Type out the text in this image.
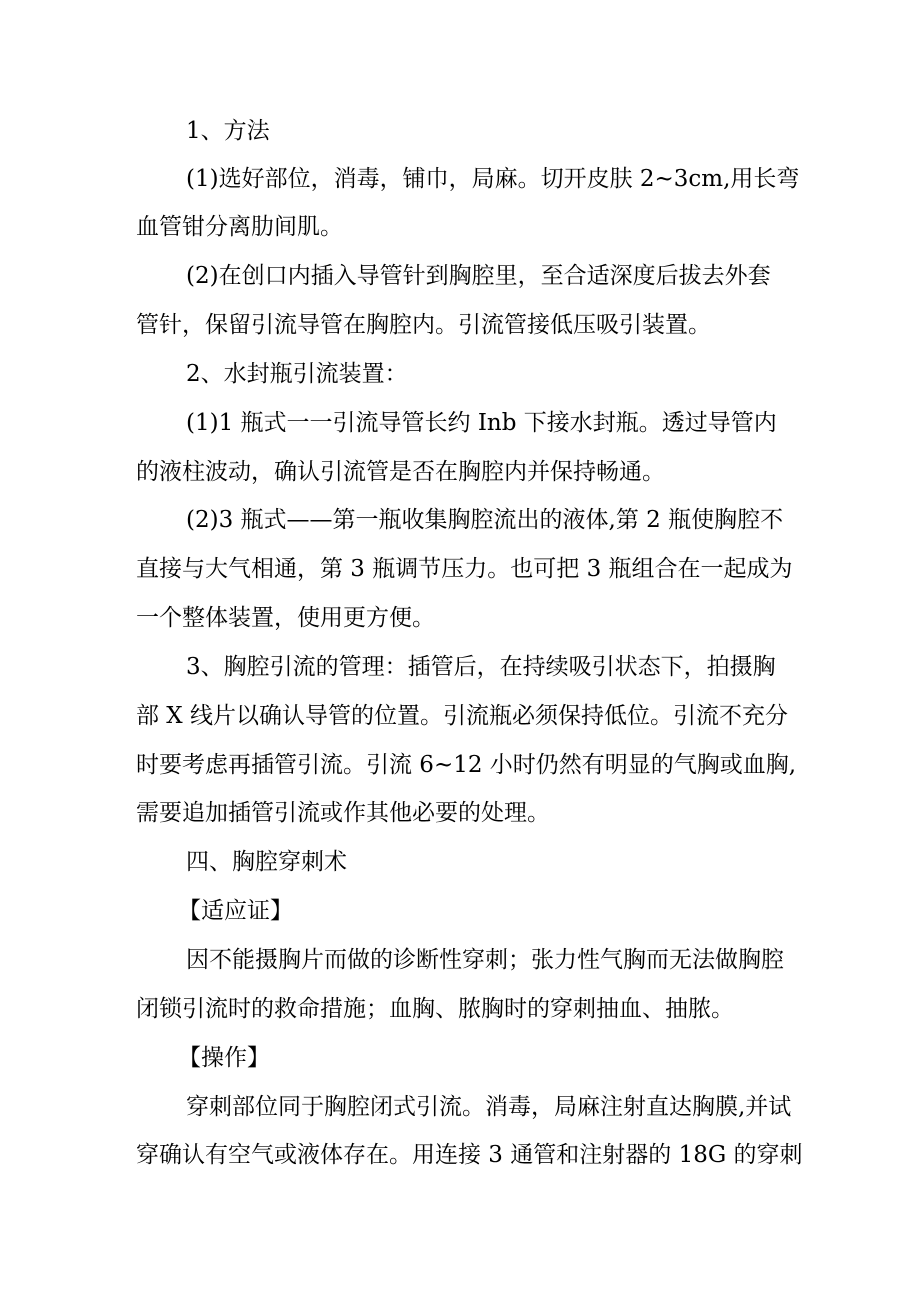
1、方法
(1)选好部位，消毒，铺巾，局麻。切开皮肤 2~3cm,用长弯
血管钳分离肋间肌。
(2)在创口内插入导管针到胸腔里，至合适深度后拔去外套
管针，保留引流导管在胸腔内。引流管接低压吸引装置。
2、水封瓶引流装置：
(1)1 瓶式一一引流导管长约 Inb 下接水封瓶。透过导管内
的液柱波动，确认引流管是否在胸腔内并保持畅通。
(2)3 瓶式——第一瓶收集胸腔流出的液体,第 2 瓶使胸腔不
直接与大气相通，第 3 瓶调节压力。也可把 3 瓶组合在一起成为
一个整体装置，使用更方便。
3、胸腔引流的管理：插管后，在持续吸引状态下，拍摄胸
部 X 线片以确认导管的位置。引流瓶必须保持低位。引流不充分
时要考虑再插管引流。引流 6~12 小时仍然有明显的气胸或血胸,
需要追加插管引流或作其他必要的处理。
四、胸腔穿刺术
【适应证】
因不能摄胸片而做的诊断性穿刺；张力性气胸而无法做胸腔
闭锁引流时的救命措施；血胸、脓胸时的穿刺抽血、抽脓。
【操作】
穿刺部位同于胸腔闭式引流。消毒，局麻注射直达胸膜,并试
穿确认有空气或液体存在。用连接 3 通管和注射器的 18G 的穿刺
